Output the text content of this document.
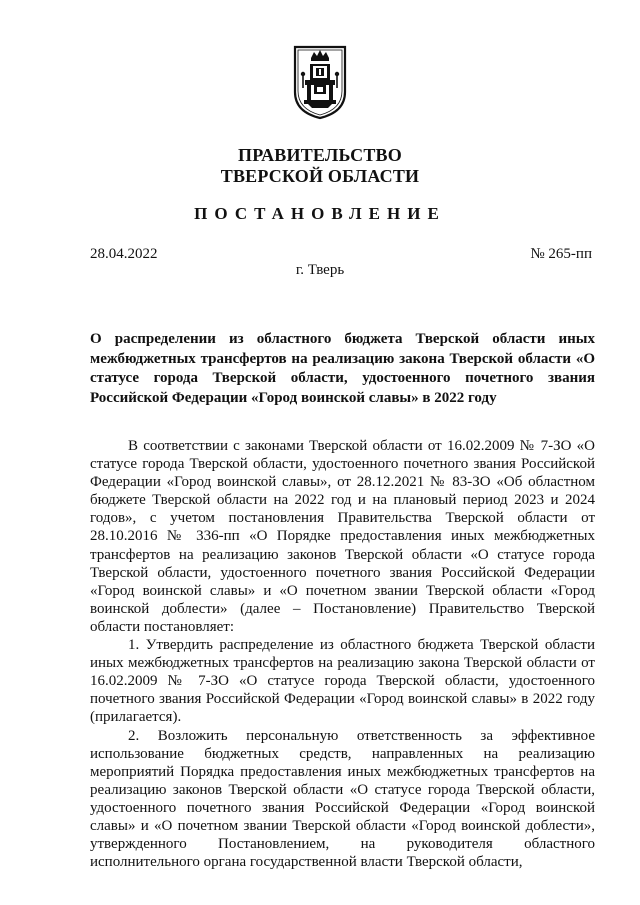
ПРАВИТЕЛЬСТВО
ТВЕРСКОЙ ОБЛАСТИ
ПОСТАНОВЛЕНИЕ
28.04.2022	№ 265-пп
г. Тверь
О распределении из областного бюджета Тверской области иных межбюджетных трансфертов на реализацию закона Тверской области «О статусе города Тверской области, удостоенного почетного звания Российской Федерации «Город воинской славы» в 2022 году

В соответствии с законами Тверской области от 16.02.2009 № 7-ЗО «О статусе города Тверской области, удостоенного почетного звания Российской Федерации «Город воинской славы», от 28.12.2021 № 83-ЗО «Об областном бюджете Тверской области на 2022 год и на плановый период 2023 и 2024 годов», с учетом постановления Правительства Тверской области от 28.10.2016 № 336-пп «О Порядке предоставления иных межбюджетных трансфертов на реализацию законов Тверской области «О статусе города Тверской области, удостоенного почетного звания Российской Федерации «Город воинской славы» и «О почетном звании Тверской области «Город воинской доблести» (далее – Постановление) Правительство Тверской области постановляет:

1. Утвердить распределение из областного бюджета Тверской области иных межбюджетных трансфертов на реализацию закона Тверской области от 16.02.2009 № 7-ЗО «О статусе города Тверской области, удостоенного почетного звания Российской Федерации «Город воинской славы» в 2022 году (прилагается).

2. Возложить персональную ответственность за эффективное использование бюджетных средств, направленных на реализацию мероприятий Порядка предоставления иных межбюджетных трансфертов на реализацию законов Тверской области «О статусе города Тверской области, удостоенного почетного звания Российской Федерации «Город воинской славы» и «О почетном звании Тверской области «Город воинской доблести», утвержденного Постановлением, на руководителя областного исполнительного органа государственной власти Тверской области,
